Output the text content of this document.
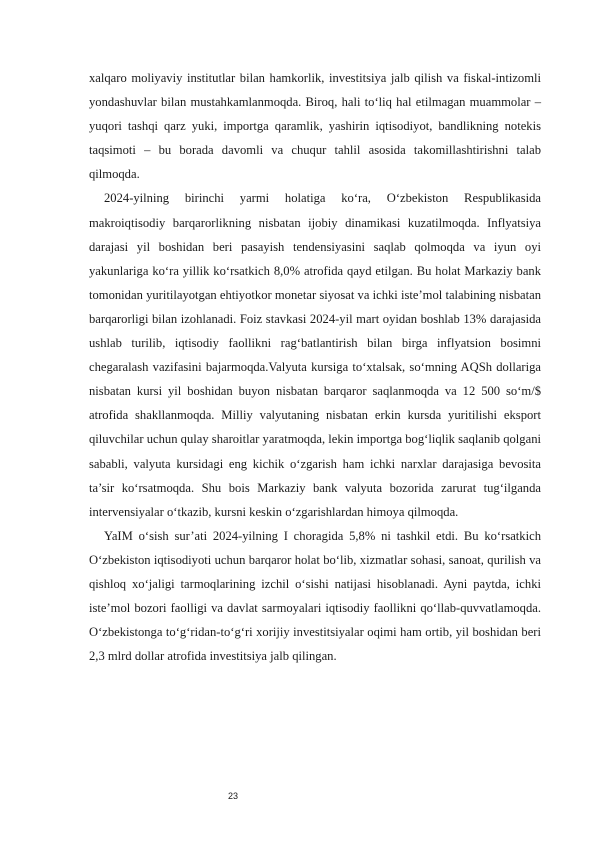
xalqaro moliyaviy institutlar bilan hamkorlik, investitsiya jalb qilish va fiskal-intizomli yondashuvlar bilan mustahkamlanmoqda. Biroq, hali to‘liq hal etilmagan muammolar – yuqori tashqi qarz yuki, importga qaramlik, yashirin iqtisodiyot, bandlikning notekis taqsimoti – bu borada davomli va chuqur tahlil asosida takomillashtirishni talab qilmoqda.

2024-yilning birinchi yarmi holatiga ko‘ra, O‘zbekiston Respublikasida makroiqtisodiy barqarorlikning nisbatan ijobiy dinamikasi kuzatilmoqda. Inflyatsiya darajasi yil boshidan beri pasayish tendensiyasini saqlab qolmoqda va iyun oyi yakunlariga ko‘ra yillik ko‘rsatkich 8,0% atrofida qayd etilgan. Bu holat Markaziy bank tomonidan yuritilayotgan ehtiyotkor monetar siyosat va ichki iste’mol talabining nisbatan barqarorligi bilan izohlanadi. Foiz stavkasi 2024-yil mart oyidan boshlab 13% darajasida ushlab turilib, iqtisodiy faollikni rag‘batlantirish bilan birga inflyatsion bosimni chegaralash vazifasini bajarmoqda.Valyuta kursiga to‘xtalsak, so‘mning AQSh dollariga nisbatan kursi yil boshidan buyon nisbatan barqaror saqlanmoqda va 12 500 so‘m/$ atrofida shakllanmoqda. Milliy valyutaning nisbatan erkin kursda yuritilishi eksport qiluvchilar uchun qulay sharoitlar yaratmoqda, lekin importga bog‘liqlik saqlanib qolgani sababli, valyuta kursidagi eng kichik o‘zgarish ham ichki narxlar darajasiga bevosita ta’sir ko‘rsatmoqda. Shu bois Markaziy bank valyuta bozorida zarurat tug‘ilganda intervensiyalar o‘tkazib, kursni keskin o‘zgarishlardan himoya qilmoqda.

YaIM o‘sish sur’ati 2024-yilning I choragida 5,8% ni tashkil etdi. Bu ko‘rsatkich O‘zbekiston iqtisodiyoti uchun barqaror holat bo‘lib, xizmatlar sohasi, sanoat, qurilish va qishloq xo‘jaligi tarmoqlarining izchil o‘sishi natijasi hisoblanadi. Ayni paytda, ichki iste’mol bozori faolligi va davlat sarmoyalari iqtisodiy faollikni qo‘llab-quvvatlamoqda. O‘zbekistonga to‘g‘ridan-to‘g‘ri xorijiy investitsiyalar oqimi ham ortib, yil boshidan beri 2,3 mlrd dollar atrofida investitsiya jalb qilingan.

23
